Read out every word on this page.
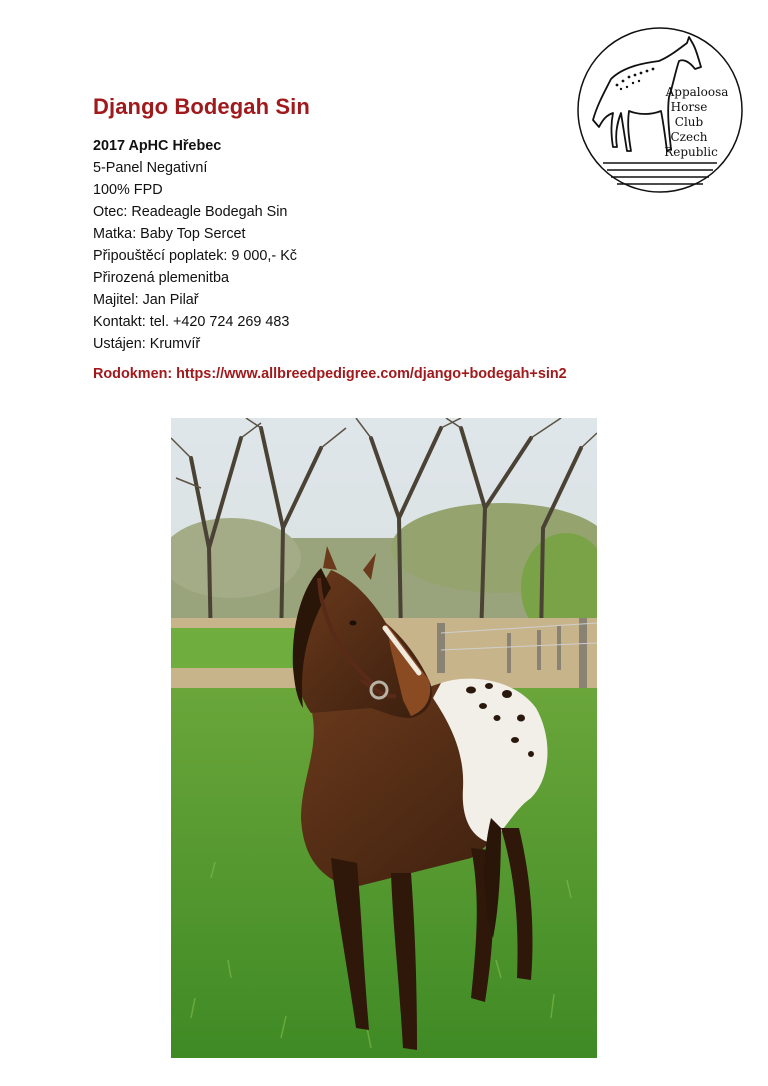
Django Bodegah Sin
2017 ApHC Hřebec
5-Panel Negativní
100% FPD
Otec: Readeagle Bodegah Sin
Matka: Baby Top Sercet
Připouštěcí poplatek: 9 000,- Kč
Přirozená plemenitba
Majitel: Jan Pilař
Kontakt: tel. +420 724 269 483
Ustájen: Krumvíř
Rodokmen: https://www.allbreedpedigree.com/django+bodegah+sin2
Appaloosa
Horse
Club
Czech
Republic
